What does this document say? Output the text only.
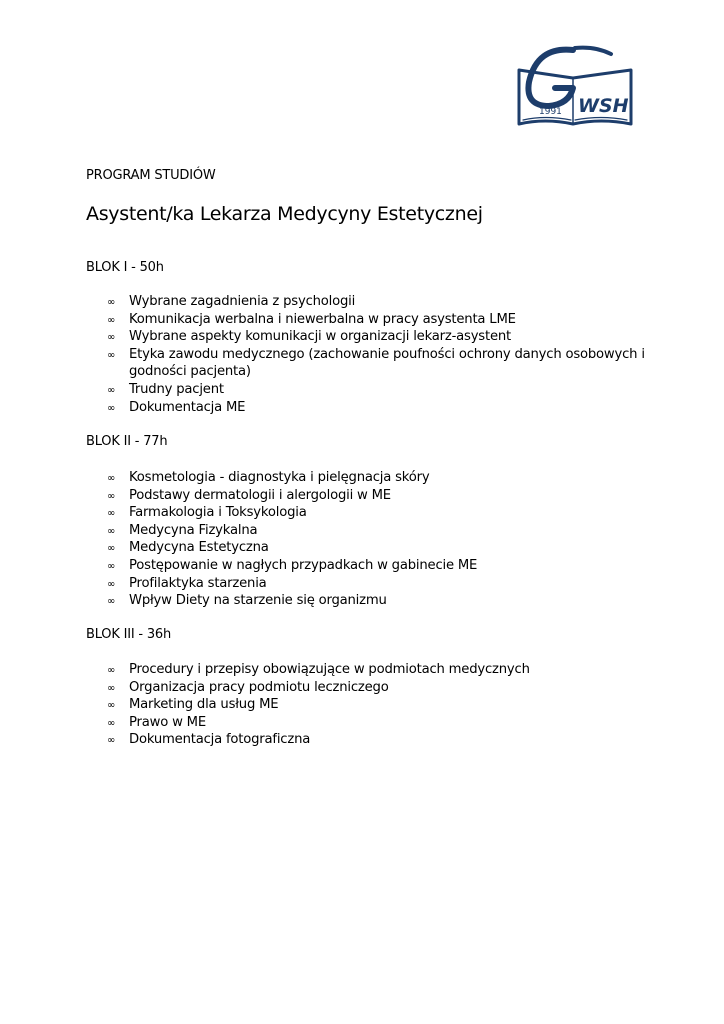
1991 WSH
PROGRAM STUDIÓW
Asystent/ka Lekarza Medycyny Estetycznej
BLOK I - 50h
∞ Wybrane zagadnienia z psychologii
∞ Komunikacja werbalna i niewerbalna w pracy asystenta LME
∞ Wybrane aspekty komunikacji w organizacji lekarz-asystent
∞ Etyka zawodu medycznego (zachowanie poufności ochrony danych osobowych i godności pacjenta)
∞ Trudny pacjent
∞ Dokumentacja ME
BLOK II - 77h
∞ Kosmetologia - diagnostyka i pielęgnacja skóry
∞ Podstawy dermatologii i alergologii w ME
∞ Farmakologia i Toksykologia
∞ Medycyna Fizykalna
∞ Medycyna Estetyczna
∞ Postępowanie w nagłych przypadkach w gabinecie ME
∞ Profilaktyka starzenia
∞ Wpływ Diety na starzenie się organizmu
BLOK III - 36h
∞ Procedury i przepisy obowiązujące w podmiotach medycznych
∞ Organizacja pracy podmiotu leczniczego
∞ Marketing dla usług ME
∞ Prawo w ME
∞ Dokumentacja fotograficzna
